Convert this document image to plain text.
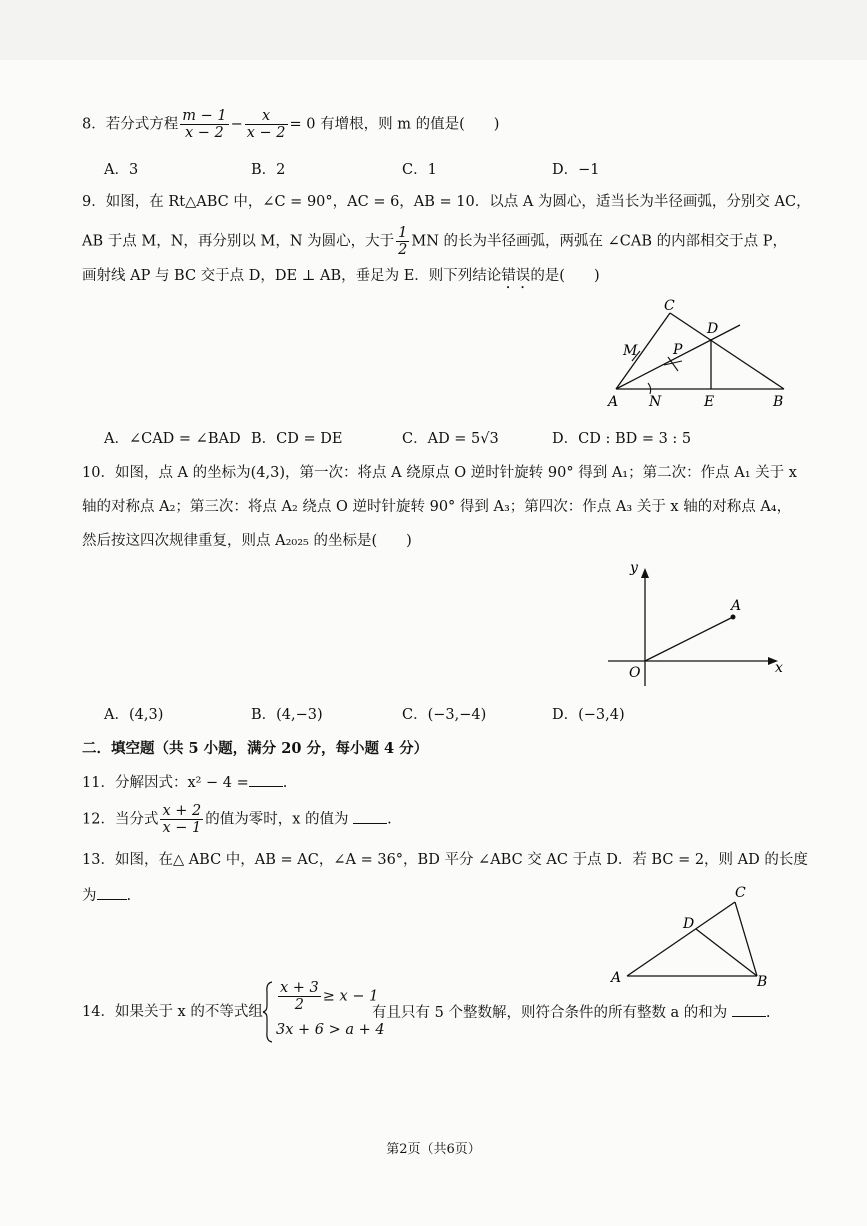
8．若分式方程 $\frac{m - 1}{x - 2} - \frac{x}{x - 2} = 0$ 有增根，则 m 的值是(　　)
A．3	B．2	C．1	D．−1
9．如图，在 Rt△ABC 中，∠C = 90°，AC = 6，AB = 10．以点 A 为圆心，适当长为半径画弧，分别交 AC，
AB 于点 M，N，再分别以 M，N 为圆心，大于 $\frac{1}{2}$ MN 的长为半径画弧，两弧在 ∠CAB 的内部相交于点 P，
画射线 AP 与 BC 交于点 D，DE ⊥ AB，垂足为 E．则下列结论错误的是(　　)
C
D
M	P
A N	E	B
A．∠CAD = ∠BAD B．CD = DE	C．AD = 5√3	D．CD : BD = 3 : 5
10．如图，点 A 的坐标为(4,3)，第一次：将点 A 绕原点 O 逆时针旋转 90° 得到 A₁；第二次：作点 A₁ 关于 x
轴的对称点 A₂；第三次：将点 A₂ 绕点 O 逆时针旋转 90° 得到 A₃；第四次：作点 A₃ 关于 x 轴的对称点 A₄，
然后按这四次规律重复，则点 A₂₀₂₅ 的坐标是(　　)
y
x
O
A
A．(4,3)	B．(4,−3)	C．(−3,−4)	D．(−3,4)
二．填空题（共 5 小题，满分 20 分，每小题 4 分）
11．分解因式：x² − 4 = .
12．当分式 $\frac{x + 2}{x - 1}$ 的值为零时，x 的值为	.
13．如图，在△ ABC 中，AB = AC，∠A = 36°，BD 平分 ∠ABC 交 AC 于点 D．若 BC = 2，则 AD 的长度
为 .	C
D
A	B
14．如果关于 x 的不等式组 $\frac{x + 3}{2} \ge x - 1$
3x + 6 > a + 4
有且只有 5 个整数解，则符合条件的所有整数 a 的和为	.
第2页（共6页）
